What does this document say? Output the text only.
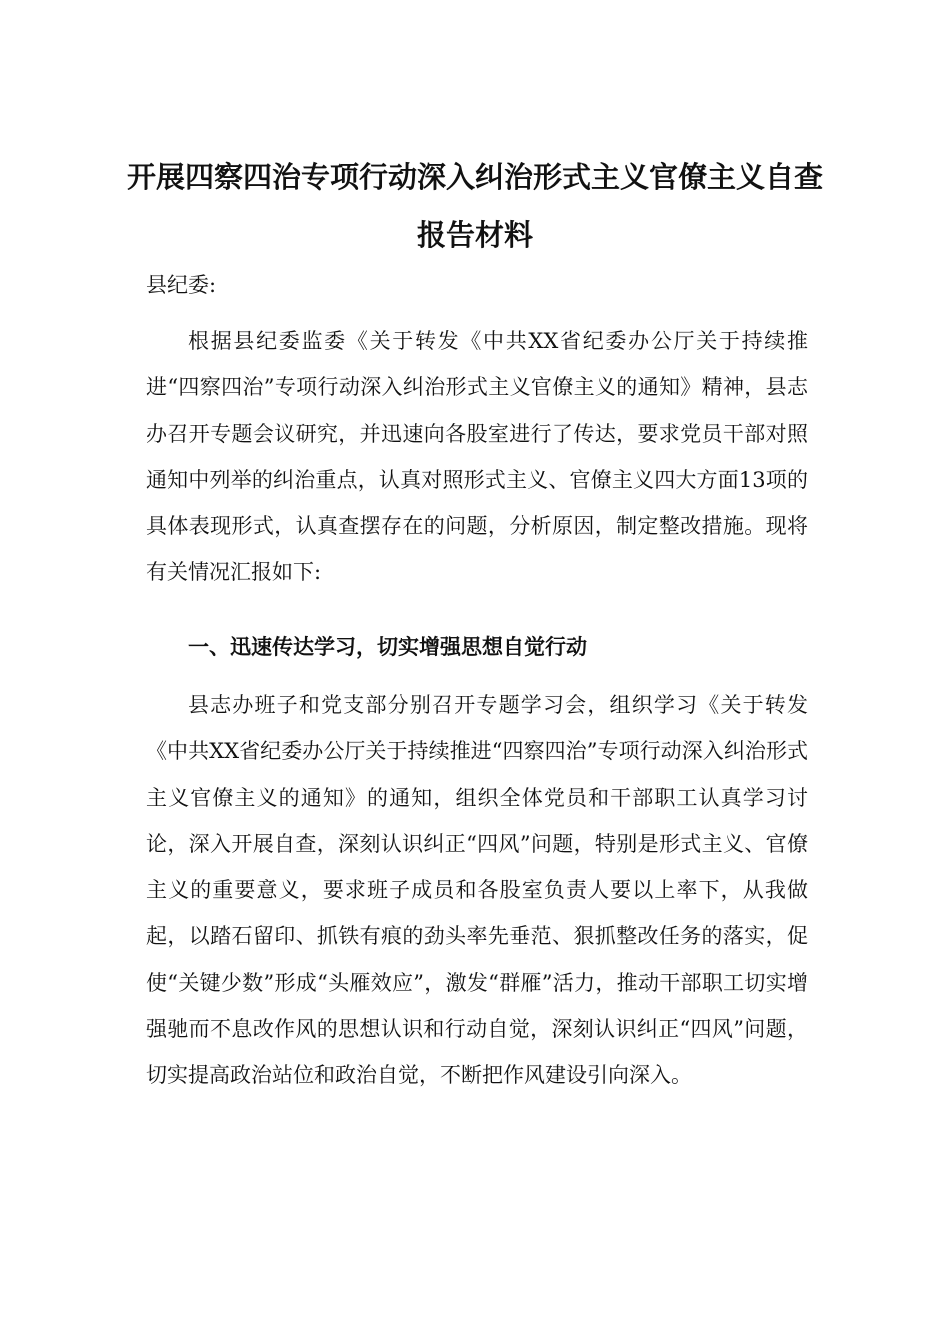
开展四察四治专项行动深入纠治形式主义官僚主义自查报告材料

县纪委:

根据县纪委监委《关于转发《中共XX省纪委办公厅关于持续推进“四察四治”专项行动深入纠治形式主义官僚主义的通知》精神，县志办召开专题会议研究，并迅速向各股室进行了传达，要求党员干部对照通知中列举的纠治重点，认真对照形式主义、官僚主义四大方面13项的具体表现形式，认真查摆存在的问题，分析原因，制定整改措施。现将有关情况汇报如下:

一、迅速传达学习，切实增强思想自觉行动

县志办班子和党支部分别召开专题学习会，组织学习《关于转发《中共XX省纪委办公厅关于持续推进“四察四治”专项行动深入纠治形式主义官僚主义的通知》的通知，组织全体党员和干部职工认真学习讨论，深入开展自查，深刻认识纠正“四风”问题，特别是形式主义、官僚主义的重要意义，要求班子成员和各股室负责人要以上率下，从我做起，以踏石留印、抓铁有痕的劲头率先垂范、狠抓整改任务的落实，促使“关键少数”形成“头雁效应”，激发“群雁”活力，推动干部职工切实增强驰而不息改作风的思想认识和行动自觉，深刻认识纠正“四风”问题，切实提高政治站位和政治自觉，不断把作风建设引向深入。
